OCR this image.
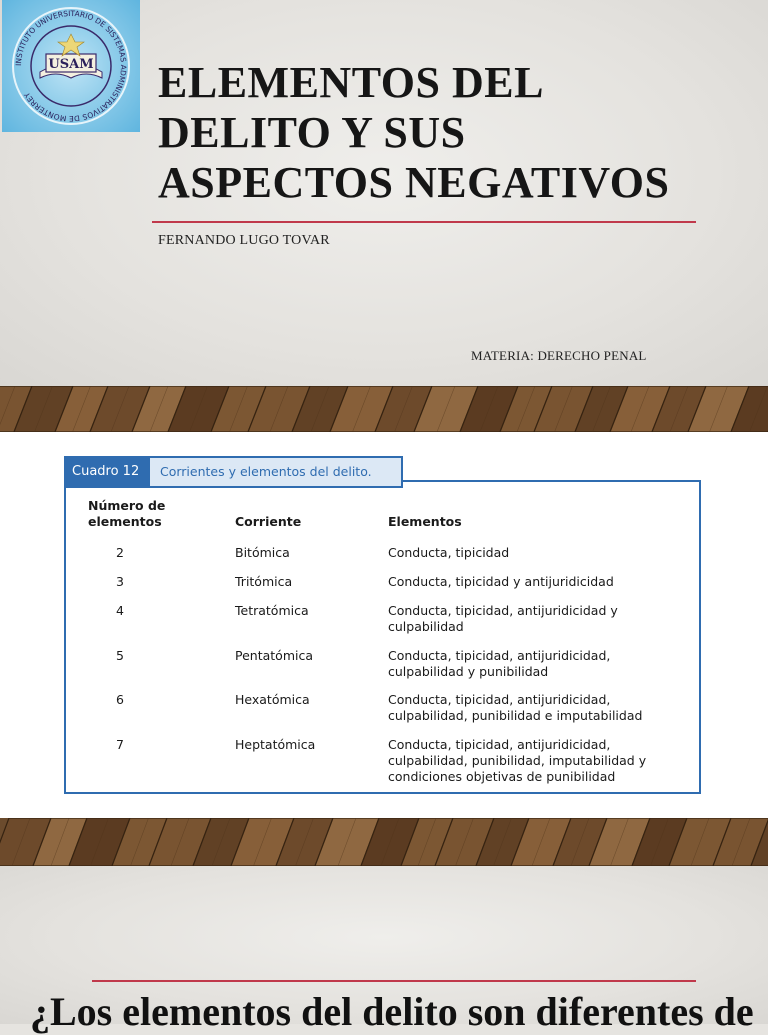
INSTITUTO UNIVERSITARIO DE SISTEMAS ADMINISTRATIVOS DE MONTERREY
USAM ELEMENTOS DEL
DELITO Y SUS
ASPECTOS NEGATIVOS
FERNANDO LUGO TOVAR
MATERIA: DERECHO PENAL
Cuadro 12	Corrientes y elementos del delito.
Número de
elementos	Corriente	Elementos
2	Bitómica	Conducta, tipicidad
3	Tritómica	Conducta, tipicidad y antijuridicidad
4	Tetratómica	Conducta, tipicidad, antijuridicidad y
culpabilidad
5	Pentatómica	Conducta, tipicidad, antijuridicidad,
culpabilidad y punibilidad
6	Hexatómica	Conducta, tipicidad, antijuridicidad,
culpabilidad, punibilidad e imputabilidad
7	Heptatómica	Conducta, tipicidad, antijuridicidad,
culpabilidad, punibilidad, imputabilidad y
condiciones objetivas de punibilidad
¿Los elementos del delito son diferentes de
